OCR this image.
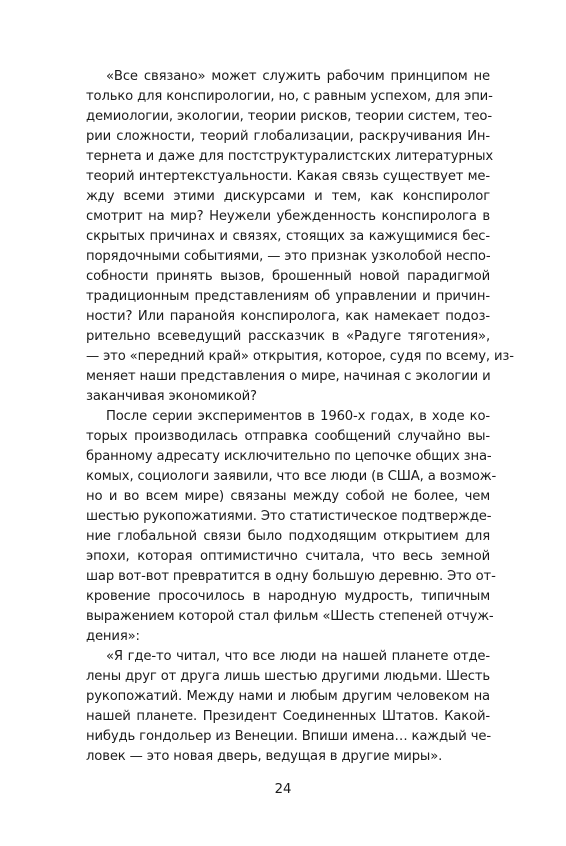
«Все связано» может служить рабочим принципом не

только для конспирологии, но, с равным успехом, для эпи-

демиологии, экологии, теории рисков, теории систем, тео-

рии сложности, теорий глобализации, раскручивания Ин-

тернета и даже для постструктуралистских литературных

теорий интертекстуальности. Какая связь существует ме-

жду всеми этими дискурсами и тем, как конспиролог

смотрит на мир? Неужели убежденность конспиролога в

скрытых причинах и связях, стоящих за кажущимися бес-

порядочными событиями, — это признак узколобой неспо-

собности принять вызов, брошенный новой парадигмой

традиционным представлениям об управлении и причин-

ности? Или паранойя конспиролога, как намекает подоз-

рительно всеведущий рассказчик в «Радуге тяготения»,

— это «передний край» открытия, которое, судя по всему, из-

меняет наши представления о мире, начиная с экологии и

заканчивая экономикой?

После серии экспериментов в 1960-х годах, в ходе ко-

торых производилась отправка сообщений случайно вы-

бранному адресату исключительно по цепочке общих зна-

комых, социологи заявили, что все люди (в США, а возмож-

но и во всем мире) связаны между собой не более, чем

шестью рукопожатиями. Это статистическое подтвержде-

ние глобальной связи было подходящим открытием для

эпохи, которая оптимистично считала, что весь земной

шар вот-вот превратится в одну большую деревню. Это от-

кровение просочилось в народную мудрость, типичным

выражением которой стал фильм «Шесть степеней отчуж-

дения»:

«Я где-то читал, что все люди на нашей планете отде-

лены друг от друга лишь шестью другими людьми. Шесть

рукопожатий. Между нами и любым другим человеком на

нашей планете. Президент Соединенных Штатов. Какой-

нибудь гондольер из Венеции. Впиши имена… каждый че-

ловек — это новая дверь, ведущая в другие миры».

24
